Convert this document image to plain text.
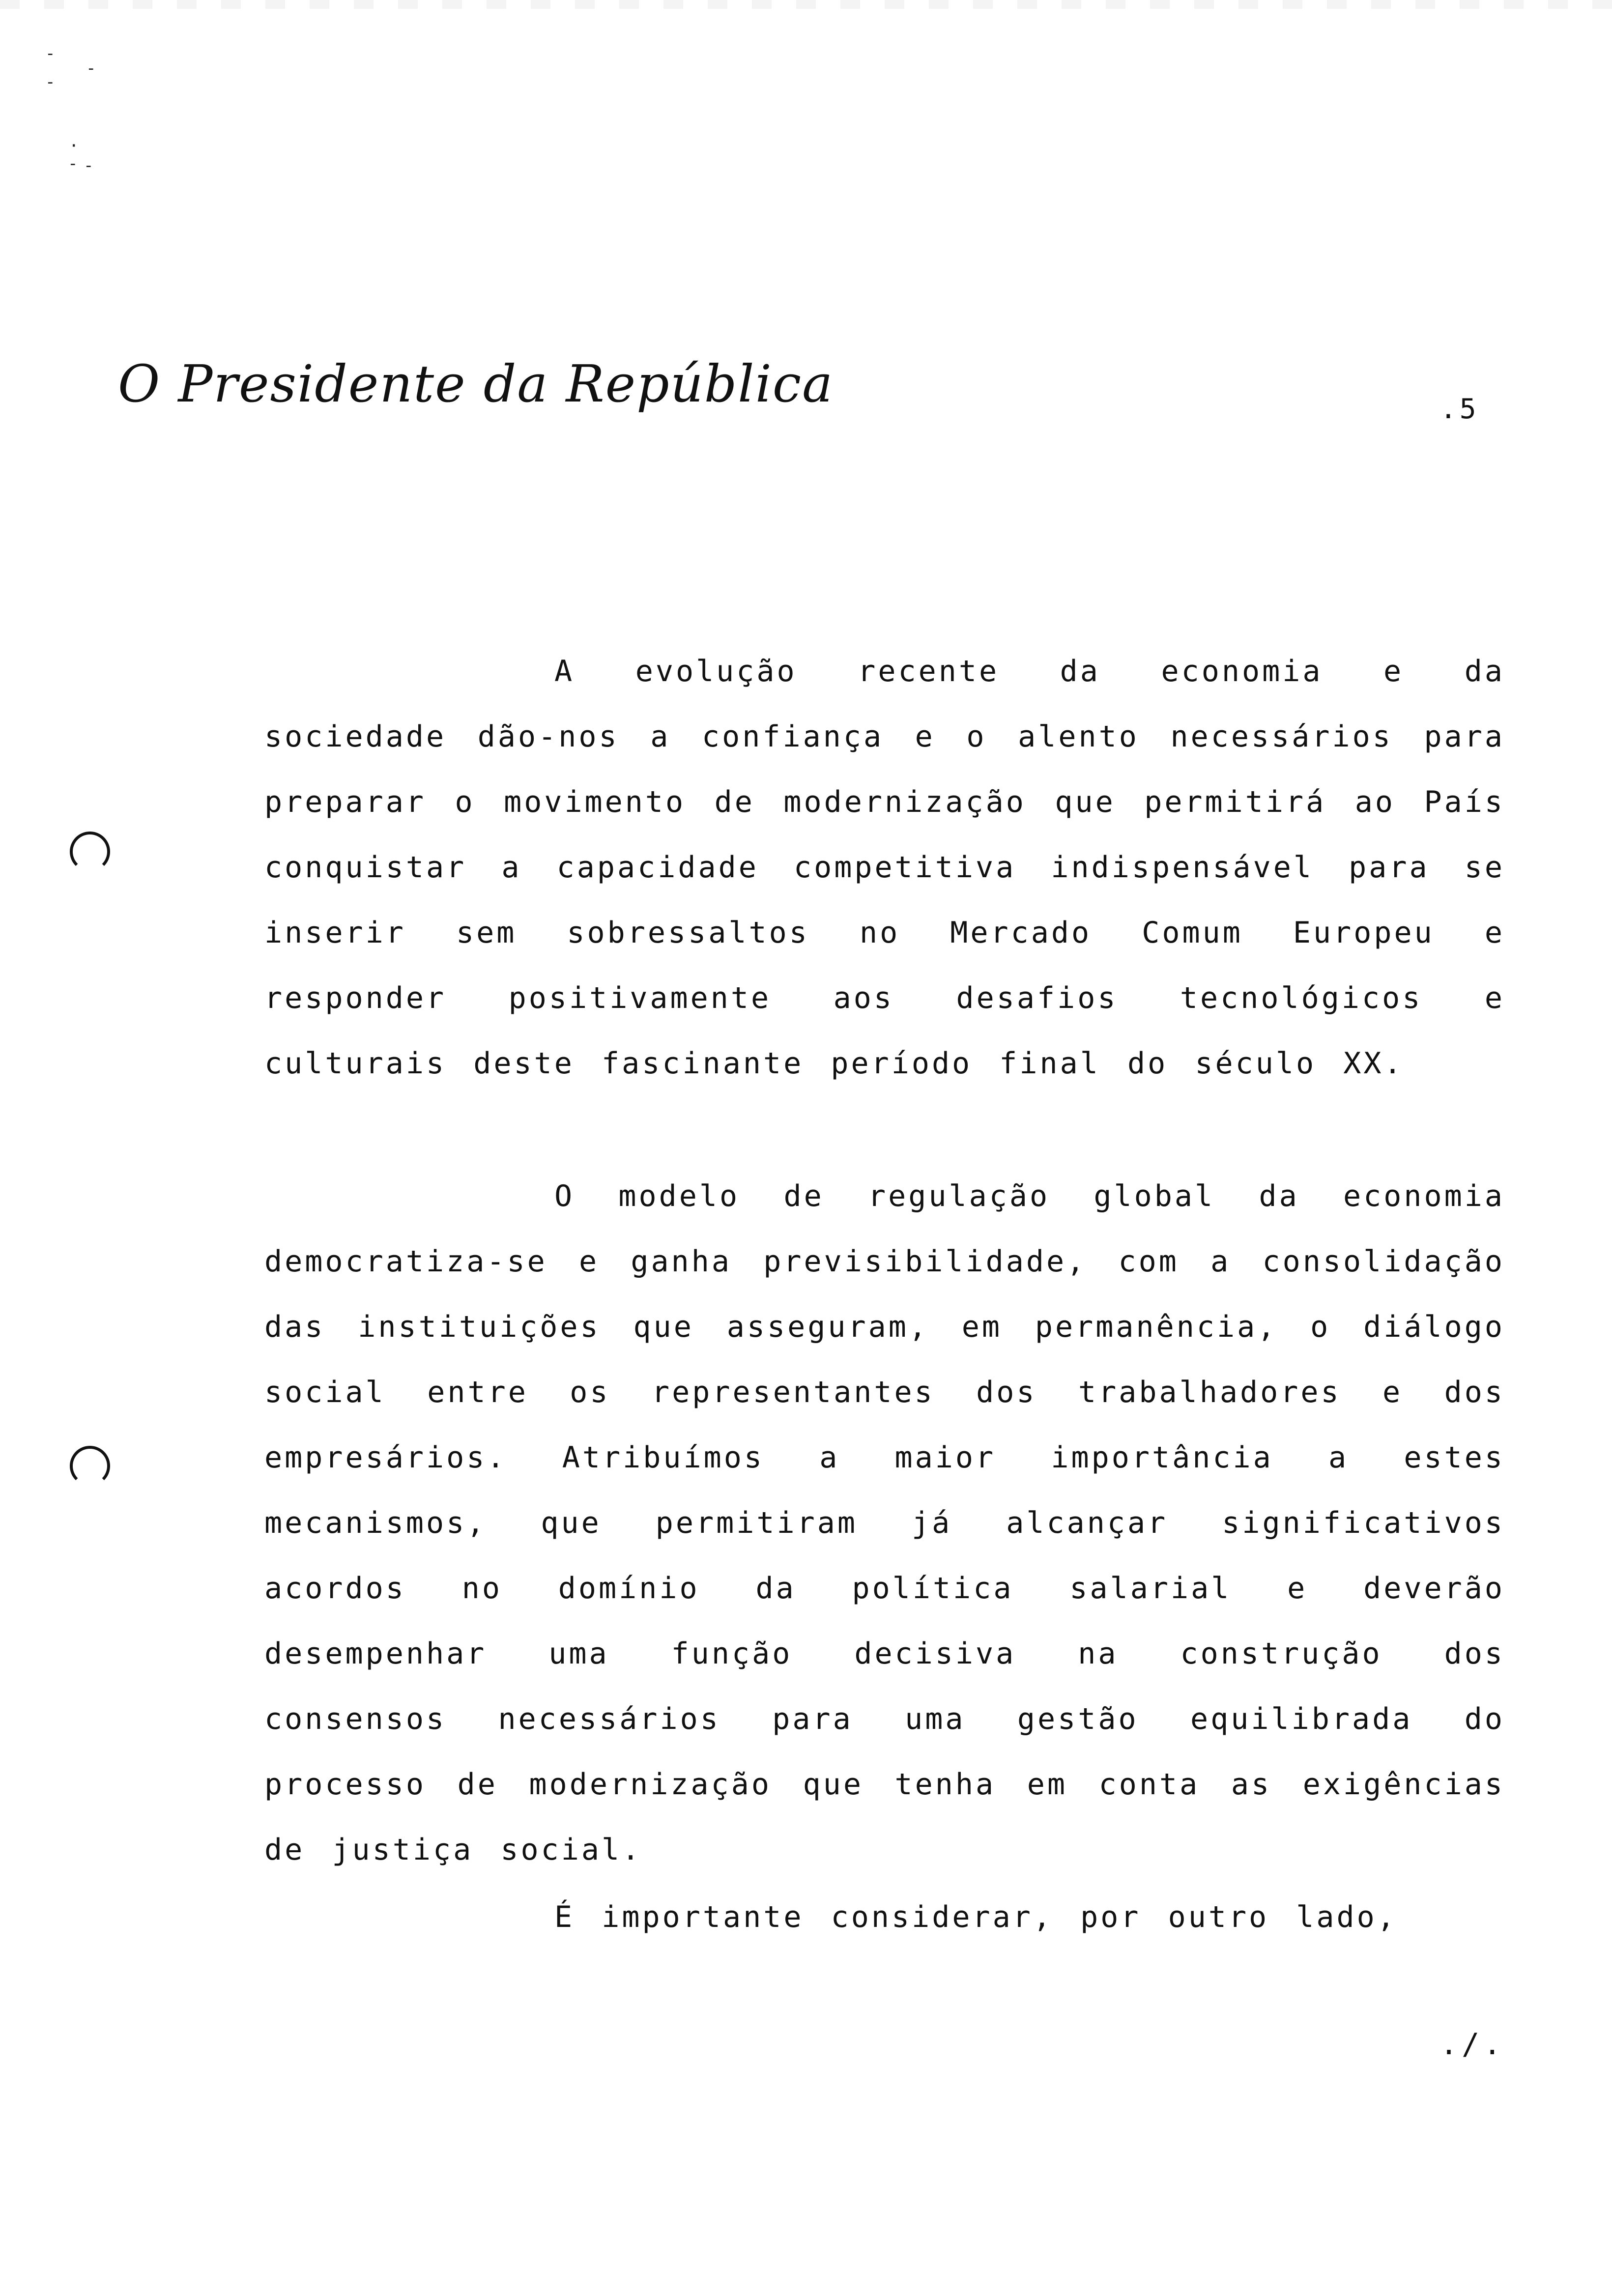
-
-
-
·
- -
O Presidente da República	.5

A evolução recente da economia e da sociedade dão-nos a confiança e o alento necessários para preparar o movimento de modernização que permitirá ao País conquistar a capacidade competitiva indispensável para se inserir sem sobressaltos no Mercado Comum Europeu e responder positivamente aos desafios tecnológicos e culturais deste fascinante período final do século XX.

O modelo de regulação global da economia democratiza-se e ganha previsibilidade, com a consolidação das instituições que asseguram, em permanência, o diálogo social entre os representantes dos trabalhadores e dos empresários. Atribuímos a maior importância a estes mecanismos, que permitiram já alcançar significativos acordos no domínio da política salarial e deverão desempenhar uma função decisiva na construção dos consensos necessários para uma gestão equilibrada do processo de modernização que tenha em conta as exigências de justiça social.

É importante considerar, por outro lado,

./.
